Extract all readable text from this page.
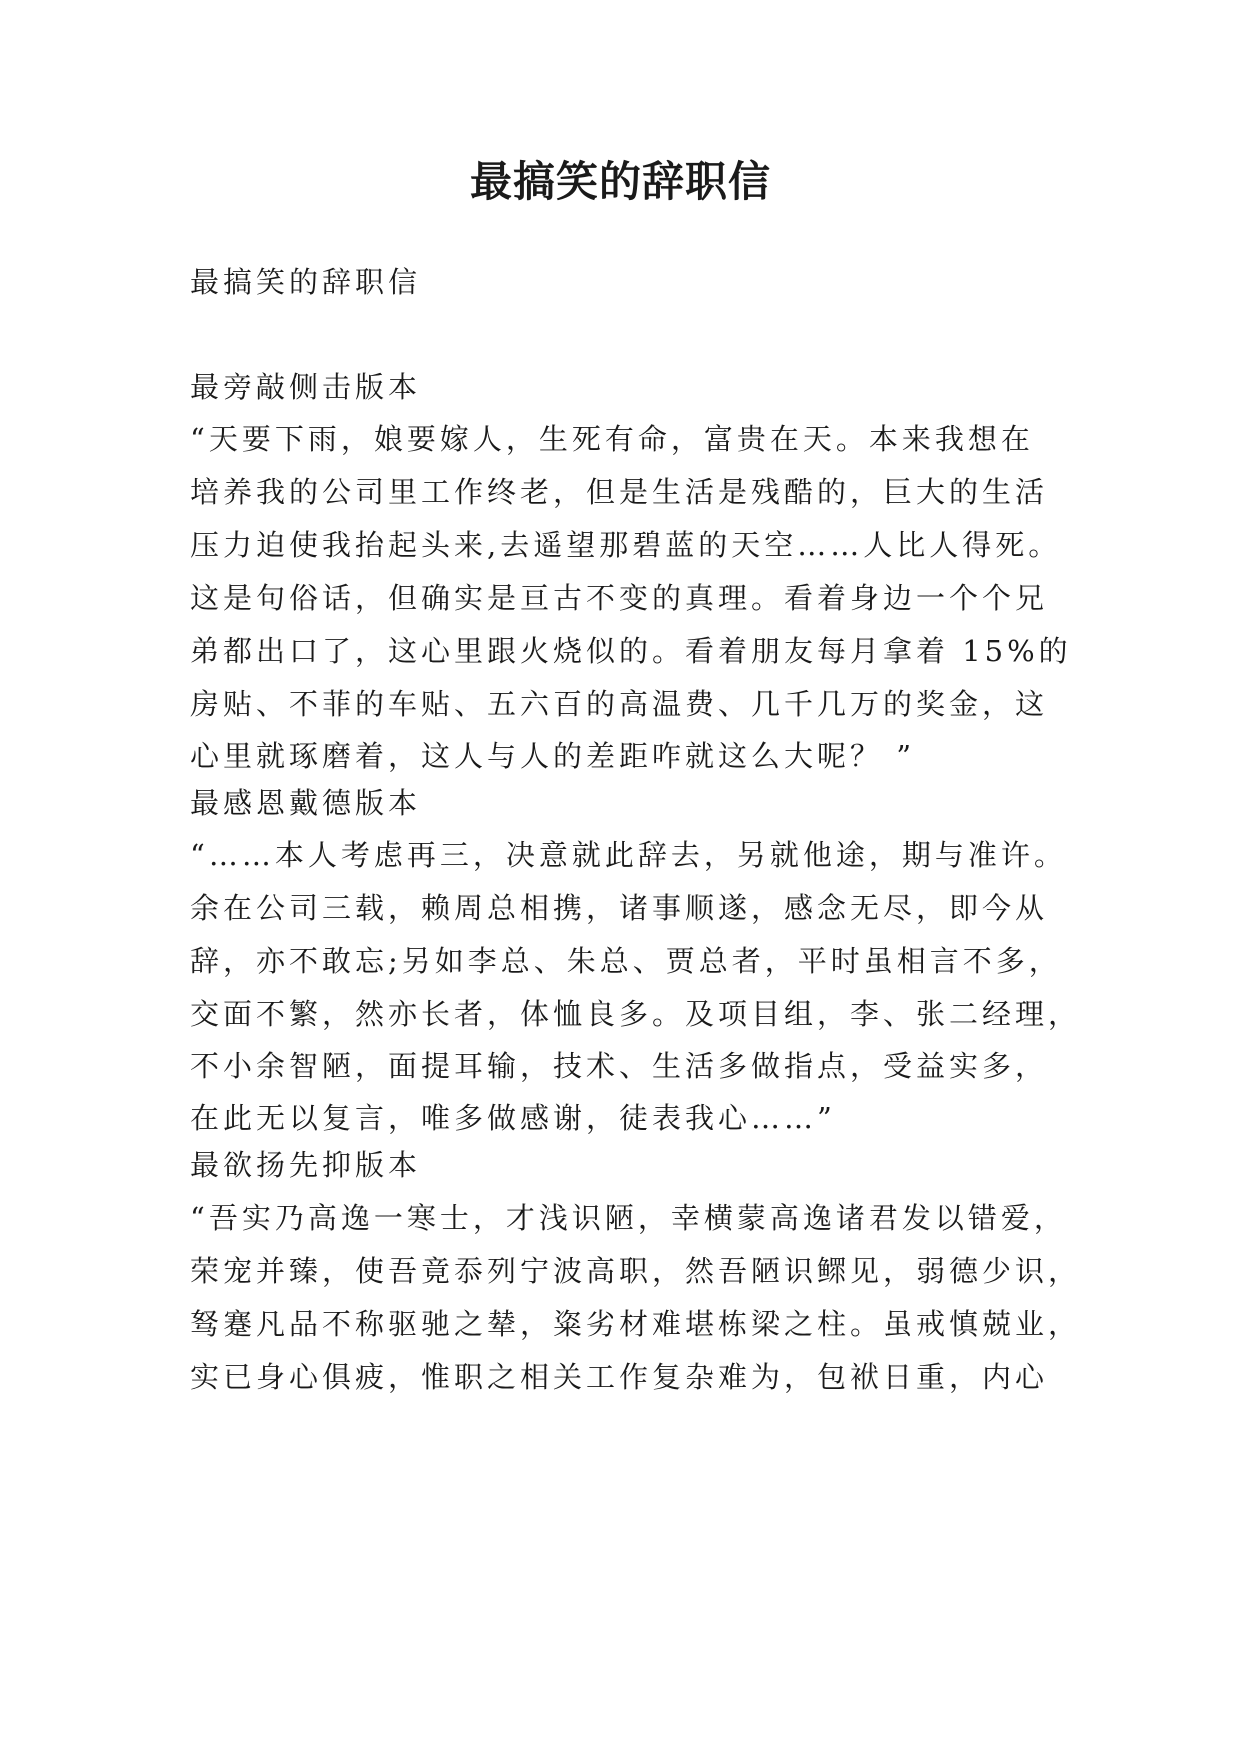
最搞笑的辞职信
最搞笑的辞职信
最旁敲侧击版本
“天要下雨，娘要嫁人，生死有命，富贵在天。本来我想在
培养我的公司里工作终老，但是生活是残酷的，巨大的生活
压力迫使我抬起头来,去遥望那碧蓝的天空……人比人得死。
这是句俗话，但确实是亘古不变的真理。看着身边一个个兄
弟都出口了，这心里跟火烧似的。看着朋友每月拿着 15%的
房贴、不菲的车贴、五六百的高温费、几千几万的奖金，这
心里就琢磨着，这人与人的差距咋就这么大呢？ ”
最感恩戴德版本
“……本人考虑再三，决意就此辞去，另就他途，期与准许。
余在公司三载，赖周总相携，诸事顺遂，感念无尽，即今从
辞，亦不敢忘;另如李总、朱总、贾总者，平时虽相言不多，
交面不繁，然亦长者，体恤良多。及项目组，李、张二经理，
不小余智陋，面提耳输，技术、生活多做指点，受益实多，
在此无以复言，唯多做感谢，徒表我心……”
最欲扬先抑版本
“吾实乃高逸一寒士，才浅识陋，幸横蒙高逸诸君发以错爱，
荣宠并臻，使吾竟忝列宁波高职，然吾陋识鳏见，弱德少识，
驽蹇凡品不称驱驰之辇，粢劣材难堪栋梁之柱。虽戒慎兢业，
实已身心俱疲，惟职之相关工作复杂难为，包袱日重，内心
